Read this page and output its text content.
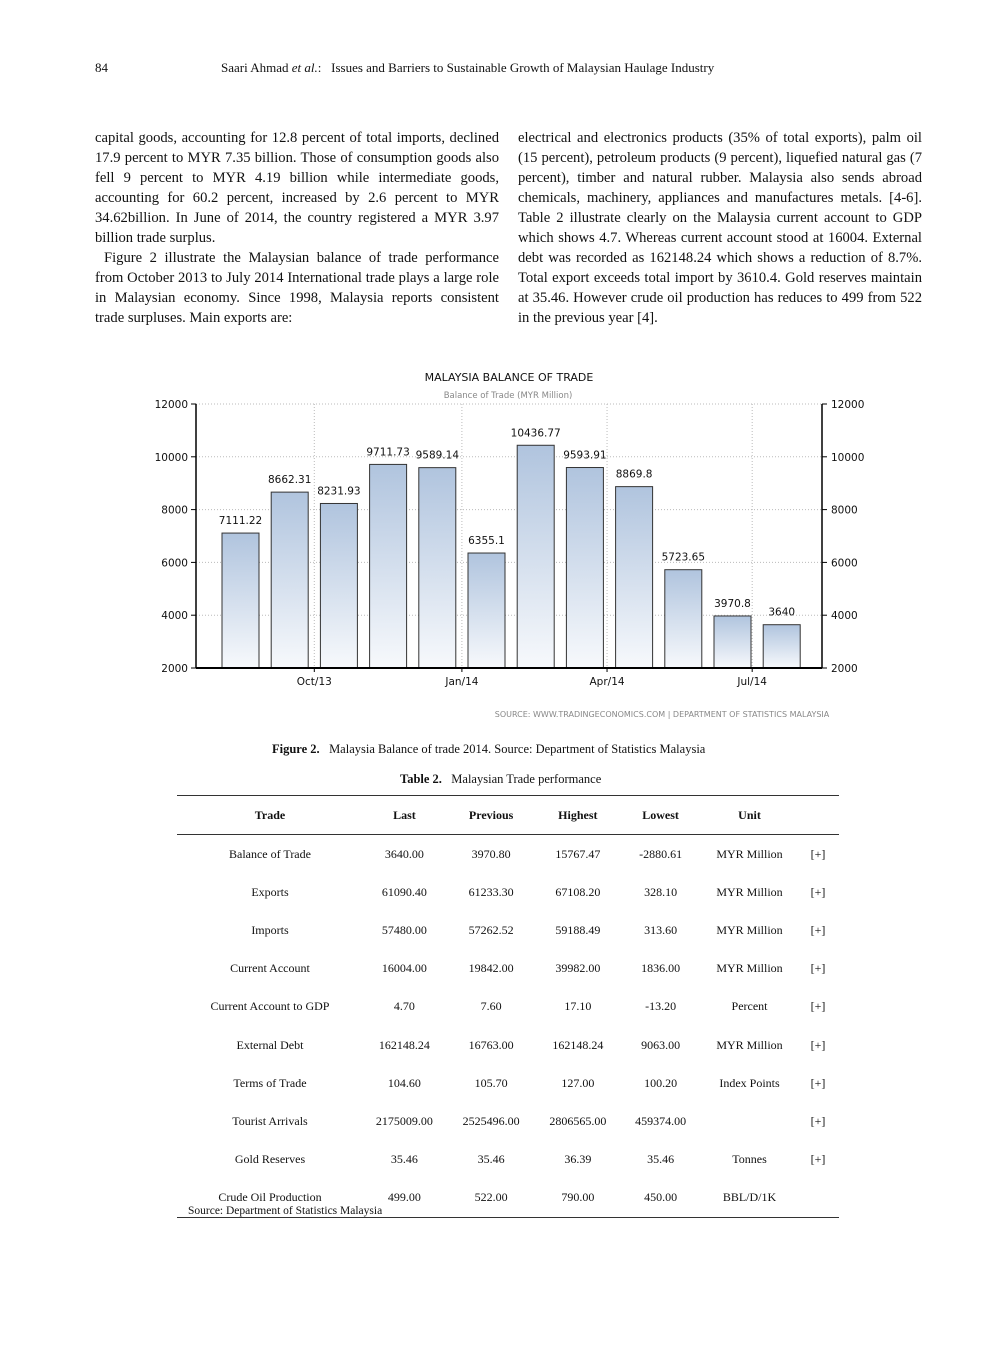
84	Saari Ahmad et al.: Issues and Barriers to Sustainable Growth of Malaysian Haulage Industry

capital goods, accounting for 12.8 percent of total imports, declined 17.9 percent to MYR 7.35 billion. Those of consumption goods also fell 9 percent to MYR 4.19 billion while intermediate goods, accounting for 60.2 percent, increased by 2.6 percent to MYR 34.62billion. In June of 2014, the country registered a MYR 3.97 billion trade surplus.

Figure 2 illustrate the Malaysian balance of trade performance from October 2013 to July 2014 International trade plays a large role in Malaysian economy. Since 1998, Malaysia reports consistent trade surpluses. Main exports are:

electrical and electronics products (35% of total exports), palm oil (15 percent), petroleum products (9 percent), liquefied natural gas (7 percent), timber and natural rubber. Malaysia also sends abroad chemicals, machinery, appliances and manufactures metals. [4-6]. Table 2 illustrate clearly on the Malaysia current account to GDP which shows 4.7. Whereas current account stood at 16004. External debt was recorded as 162148.24 which shows a reduction of 8.7%. Total export exceeds total import by 3610.4. Gold reserves maintain at 35.46. However crude oil production has reduces to 499 from 522 in the previous year [4].

MALAYSIA BALANCE OF TRADE
Balance of Trade (MYR Million)
7111.22
8662.31
8231.93
9711.73 9589.14
6355.1
10436.77
9593.91
8869.8
5723.65
3970.8
3640
2000	2000
4000	4000
6000	6000
8000	8000
10000	10000
12000	12000
Oct/13	Jan/14	Apr/14	Jul/14
SOURCE: WWW.TRADINGECONOMICS.COM | DEPARTMENT OF STATISTICS MALAYSIA
Figure 2. Malaysia Balance of trade 2014. Source: Department of Statistics Malaysia
Table 2. Malaysian Trade performance
Trade	Last	Previous	Highest	Lowest	Unit	
Balance of Trade	3640.00	3970.80	15767.47	-2880.61	MYR Million	[+]
Exports	61090.40	61233.30	67108.20	328.10	MYR Million	[+]
Imports	57480.00	57262.52	59188.49	313.60	MYR Million	[+]
Current Account	16004.00	19842.00	39982.00	1836.00	MYR Million	[+]
Current Account to GDP	4.70	7.60	17.10	-13.20	Percent	[+]
External Debt	162148.24	16763.00	162148.24	9063.00	MYR Million	[+]
Terms of Trade	104.60	105.70	127.00	100.20	Index Points	[+]
Tourist Arrivals	2175009.00	2525496.00	2806565.00	459374.00		[+]
Gold Reserves	35.46	35.46	36.39	35.46	Tonnes	[+]
Crude Oil Production	499.00	522.00	790.00	450.00	BBL/D/1K	
Source: Department of Statistics Malaysia
